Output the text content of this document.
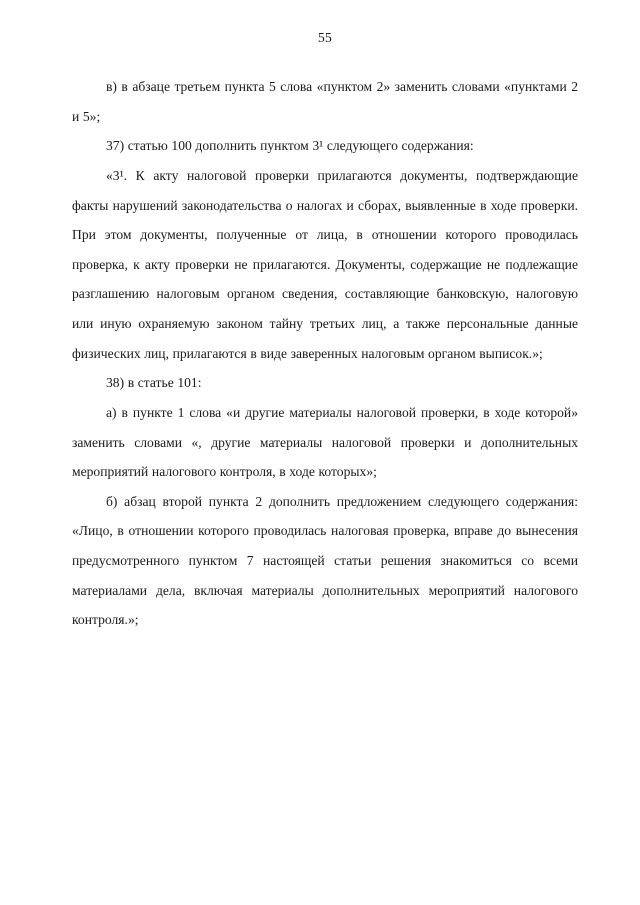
55

в) в абзаце третьем пункта 5 слова «пунктом 2» заменить словами «пунктами 2 и 5»;

37) статью 100 дополнить пунктом 3¹ следующего содержания:

«3¹. К акту налоговой проверки прилагаются документы, подтверждающие факты нарушений законодательства о налогах и сборах, выявленные в ходе проверки. При этом документы, полученные от лица, в отношении которого проводилась проверка, к акту проверки не прилагаются. Документы, содержащие не подлежащие разглашению налоговым органом сведения, составляющие банковскую, налоговую или иную охраняемую законом тайну третьих лиц, а также персональные данные физических лиц, прилагаются в виде заверенных налоговым органом выписок.»;

38) в статье 101:

а) в пункте 1 слова «и другие материалы налоговой проверки, в ходе которой» заменить словами «, другие материалы налоговой проверки и дополнительных мероприятий налогового контроля, в ходе которых»;

б) абзац второй пункта 2 дополнить предложением следующего содержания: «Лицо, в отношении которого проводилась налоговая проверка, вправе до вынесения предусмотренного пунктом 7 настоящей статьи решения знакомиться со всеми материалами дела, включая материалы дополнительных мероприятий налогового контроля.»;
